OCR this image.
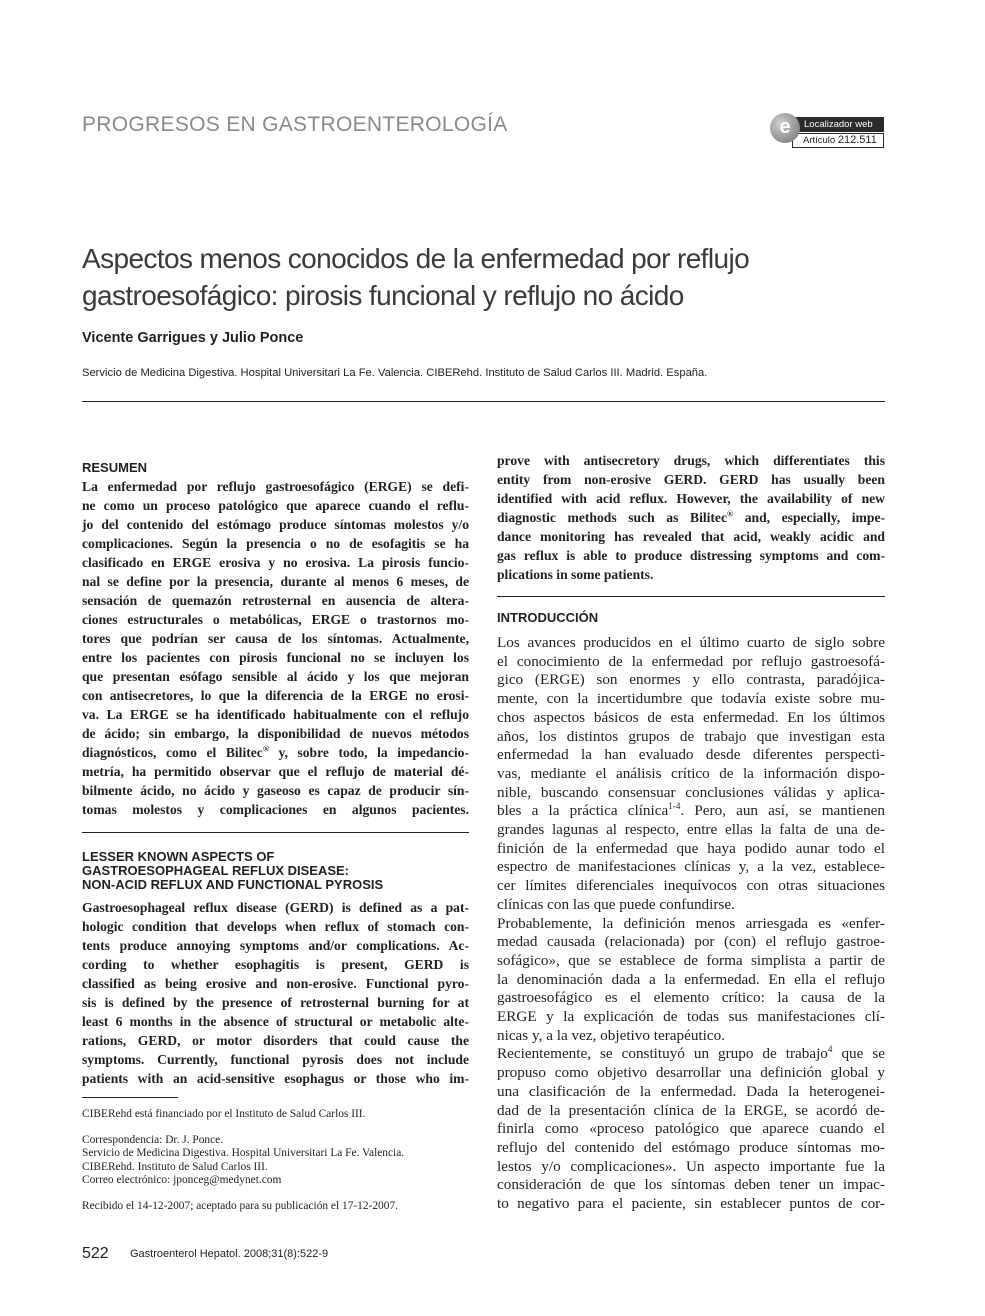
PROGRESOS EN GASTROENTEROLOGÍA	e	Localizador web
Artículo 212.511
Aspectos menos conocidos de la enfermedad por reflujo
gastroesofágico: pirosis funcional y reflujo no ácido
Vicente Garrigues y Julio Ponce
Servicio de Medicina Digestiva. Hospital Universitari La Fe. Valencia. CIBERehd. Instituto de Salud Carlos III. Madrid. España.
RESUMEN
La enfermedad por reflujo gastroesofágico (ERGE) se defi-
ne como un proceso patológico que aparece cuando el reflu-
jo del contenido del estómago produce síntomas molestos y/o
complicaciones. Según la presencia o no de esofagitis se ha
clasificado en ERGE erosiva y no erosiva. La pirosis funcio-
nal se define por la presencia, durante al menos 6 meses, de
sensación de quemazón retrosternal en ausencia de altera-
ciones estructurales o metabólicas, ERGE o trastornos mo-
tores que podrían ser causa de los síntomas. Actualmente,
entre los pacientes con pirosis funcional no se incluyen los
que presentan esófago sensible al ácido y los que mejoran
con antisecretores, lo que la diferencia de la ERGE no erosi-
va. La ERGE se ha identificado habitualmente con el reflujo
de ácido; sin embargo, la disponibilidad de nuevos métodos
diagnósticos, como el Bilitec® y, sobre todo, la impedancio-
metría, ha permitido observar que el reflujo de material dé-
bilmente ácido, no ácido y gaseoso es capaz de producir sín-
tomas molestos y complicaciones en algunos pacientes.
LESSER KNOWN ASPECTS OF
GASTROESOPHAGEAL REFLUX DISEASE:
NON-ACID REFLUX AND FUNCTIONAL PYROSIS
Gastroesophageal reflux disease (GERD) is defined as a pat-
hologic condition that develops when reflux of stomach con-
tents produce annoying symptoms and/or complications. Ac-
cording to whether esophagitis is present, GERD is
classified as being erosive and non-erosive. Functional pyro-
sis is defined by the presence of retrosternal burning for at
least 6 months in the absence of structural or metabolic alte-
rations, GERD, or motor disorders that could cause the
symptoms. Currently, functional pyrosis does not include
patients with an acid-sensitive esophagus or those who im-

CIBERehd está financiado por el Instituto de Salud Carlos III.

Correspondencia: Dr. J. Ponce.
Servicio de Medicina Digestiva. Hospital Universitari La Fe. Valencia.
CIBERehd. Instituto de Salud Carlos III.
Correo electrónico: jponceg@medynet.com

Recibido el 14-12-2007; aceptado para su publicación el 17-12-2007.

522 Gastroenterol Hepatol. 2008;31(8):522-9
prove with antisecretory drugs, which differentiates this
entity from non-erosive GERD. GERD has usually been
identified with acid reflux. However, the availability of new
diagnostic methods such as Bilitec® and, especially, impe-
dance monitoring has revealed that acid, weakly acidic and
gas reflux is able to produce distressing symptoms and com-
plications in some patients.
INTRODUCCIÓN
Los avances producidos en el último cuarto de siglo sobre
el conocimiento de la enfermedad por reflujo gastroesofá-
gico (ERGE) son enormes y ello contrasta, paradójica-
mente, con la incertidumbre que todavía existe sobre mu-
chos aspectos básicos de esta enfermedad. En los últimos
años, los distintos grupos de trabajo que investigan esta
enfermedad la han evaluado desde diferentes perspecti-
vas, mediante el análisis crítico de la información dispo-
nible, buscando consensuar conclusiones válidas y aplica-
bles a la práctica clínica$^{1-4}$. Pero, aun así, se mantienen
grandes lagunas al respecto, entre ellas la falta de una de-
finición de la enfermedad que haya podido aunar todo el
espectro de manifestaciones clínicas y, a la vez, establece-
cer límites diferenciales inequívocos con otras situaciones
clínicas con las que puede confundirse.
Probablemente, la definición menos arriesgada es «enfer-
medad causada (relacionada) por (con) el reflujo gastroe-
sofágico», que se establece de forma simplista a partir de
la denominación dada a la enfermedad. En ella el reflujo
gastroesofágico es el elemento crítico: la causa de la
ERGE y la explicación de todas sus manifestaciones clí-
nicas y, a la vez, objetivo terapéutico.
Recientemente, se constituyó un grupo de trabajo$^4$ que se
propuso como objetivo desarrollar una definición global y
una clasificación de la enfermedad. Dada la heterogenei-
dad de la presentación clínica de la ERGE, se acordó de-
finirla como «proceso patológico que aparece cuando el
reflujo del contenido del estómago produce síntomas mo-
lestos y/o complicaciones». Un aspecto importante fue la
consideración de que los síntomas deben tener un impac-
to negativo para el paciente, sin establecer puntos de cor-
